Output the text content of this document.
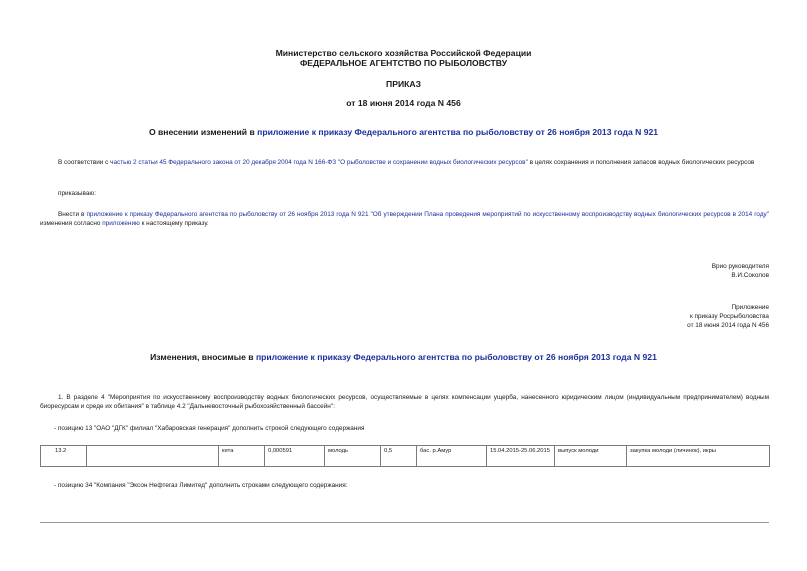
Министерство сельского хозяйства Российской Федерации
ФЕДЕРАЛЬНОЕ АГЕНТСТВО ПО РЫБОЛОВСТВУ
ПРИКАЗ
от 18 июня 2014 года N 456
О внесении изменений в приложение к приказу Федерального агентства по рыболовству от 26 ноября 2013 года N 921
В соответствии с частью 2 статьи 45 Федерального закона от 20 декабря 2004 года N 166-ФЗ "О рыболовстве и сохранении водных биологических ресурсов" в целях сохранения и пополнения запасов водных биологических ресурсов
приказываю:
Внести в приложение к приказу Федерального агентства по рыболовству от 26 ноября 2013 года N 921 "Об утверждении Плана проведения мероприятий по искусственному воспроизводству водных биологических ресурсов в 2014 году" изменения согласно приложению к настоящему приказу.
Врио руководителя
В.И.Соколов
Приложение
к приказу Росрыболовства
от 18 июня 2014 года N 456
Изменения, вносимые в приложение к приказу Федерального агентства по рыболовству от 26 ноября 2013 года N 921
1. В разделе 4 "Мероприятия по искусственному воспроизводству водных биологических ресурсов, осуществляемые в целях компенсации ущерба, нанесенного юридическим лицом (индивидуальным предпринимателем) водным биоресурсам и среде их обитания" в таблице 4.2 "Дальневосточный рыбохозяйственный бассейн":
- позицию 13 "ОАО "ДГК" филиал "Хабаровская генерация" дополнить строкой следующего содержания
13.2		кета	0,000591	молодь	0,5	бас. р.Амур	15.04.2015-25.06.2015	выпуск молоди	закупка молоди (личинок), икры
- позицию 34 "Компания "Эксон Нефтегаз Лимитед" дополнить строками следующего содержания:
